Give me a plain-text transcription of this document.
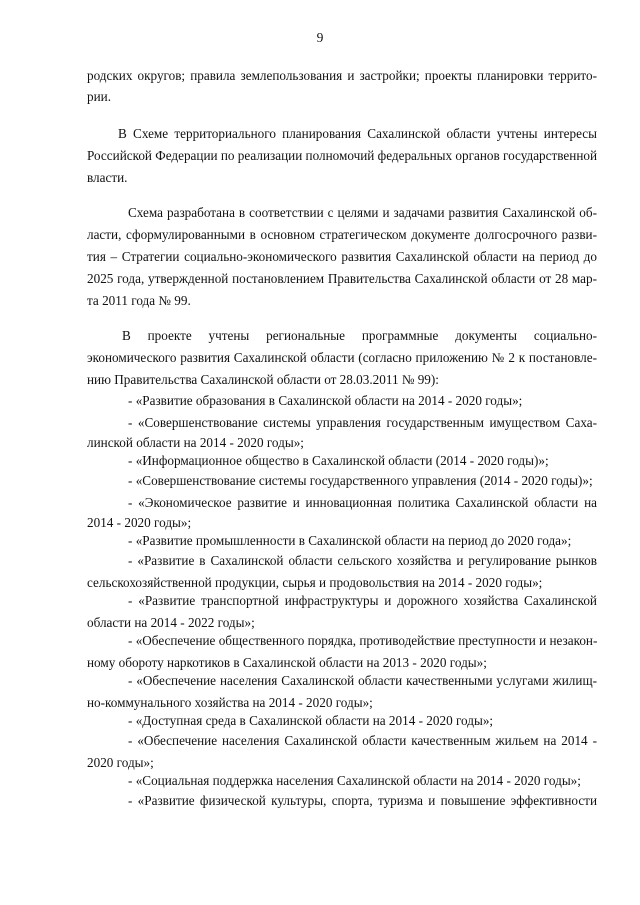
9
родских округов; правила землепользования и застройки; проекты планировки террито-
рии.
В Схеме территориального планирования Сахалинской области учтены интересы
Российской Федерации по реализации полномочий федеральных органов государственной
власти.
Схема разработана в соответствии с целями и задачами развития Сахалинской об-
ласти, сформулированными в основном стратегическом документе долгосрочного разви-
тия – Стратегии социально-экономического развития Сахалинской области на период до
2025 года, утвержденной постановлением Правительства Сахалинской области от 28 мар-
та 2011 года № 99.
В проекте учтены региональные программные документы социально-
экономического развития Сахалинской области (согласно приложению № 2 к постановле-
нию Правительства Сахалинской области от 28.03.2011 № 99):
- «Развитие образования в Сахалинской области на 2014 - 2020 годы»;
- «Совершенствование системы управления государственным имуществом Саха-
линской области на 2014 - 2020 годы»;
- «Информационное общество в Сахалинской области (2014 - 2020 годы)»;
- «Совершенствование системы государственного управления (2014 - 2020 годы)»;
- «Экономическое развитие и инновационная политика Сахалинской области на
2014 - 2020 годы»;
- «Развитие промышленности в Сахалинской области на период до 2020 года»;
- «Развитие в Сахалинской области сельского хозяйства и регулирование рынков
сельскохозяйственной продукции, сырья и продовольствия на 2014 - 2020 годы»;
- «Развитие транспортной инфраструктуры и дорожного хозяйства Сахалинской
области на 2014 - 2022 годы»;
- «Обеспечение общественного порядка, противодействие преступности и незакон-
ному обороту наркотиков в Сахалинской области на 2013 - 2020 годы»;
- «Обеспечение населения Сахалинской области качественными услугами жилищ-
но-коммунального хозяйства на 2014 - 2020 годы»;
- «Доступная среда в Сахалинской области на 2014 - 2020 годы»;
- «Обеспечение населения Сахалинской области качественным жильем на 2014 -
2020 годы»;
- «Социальная поддержка населения Сахалинской области на 2014 - 2020 годы»;
- «Развитие физической культуры, спорта, туризма и повышение эффективности
